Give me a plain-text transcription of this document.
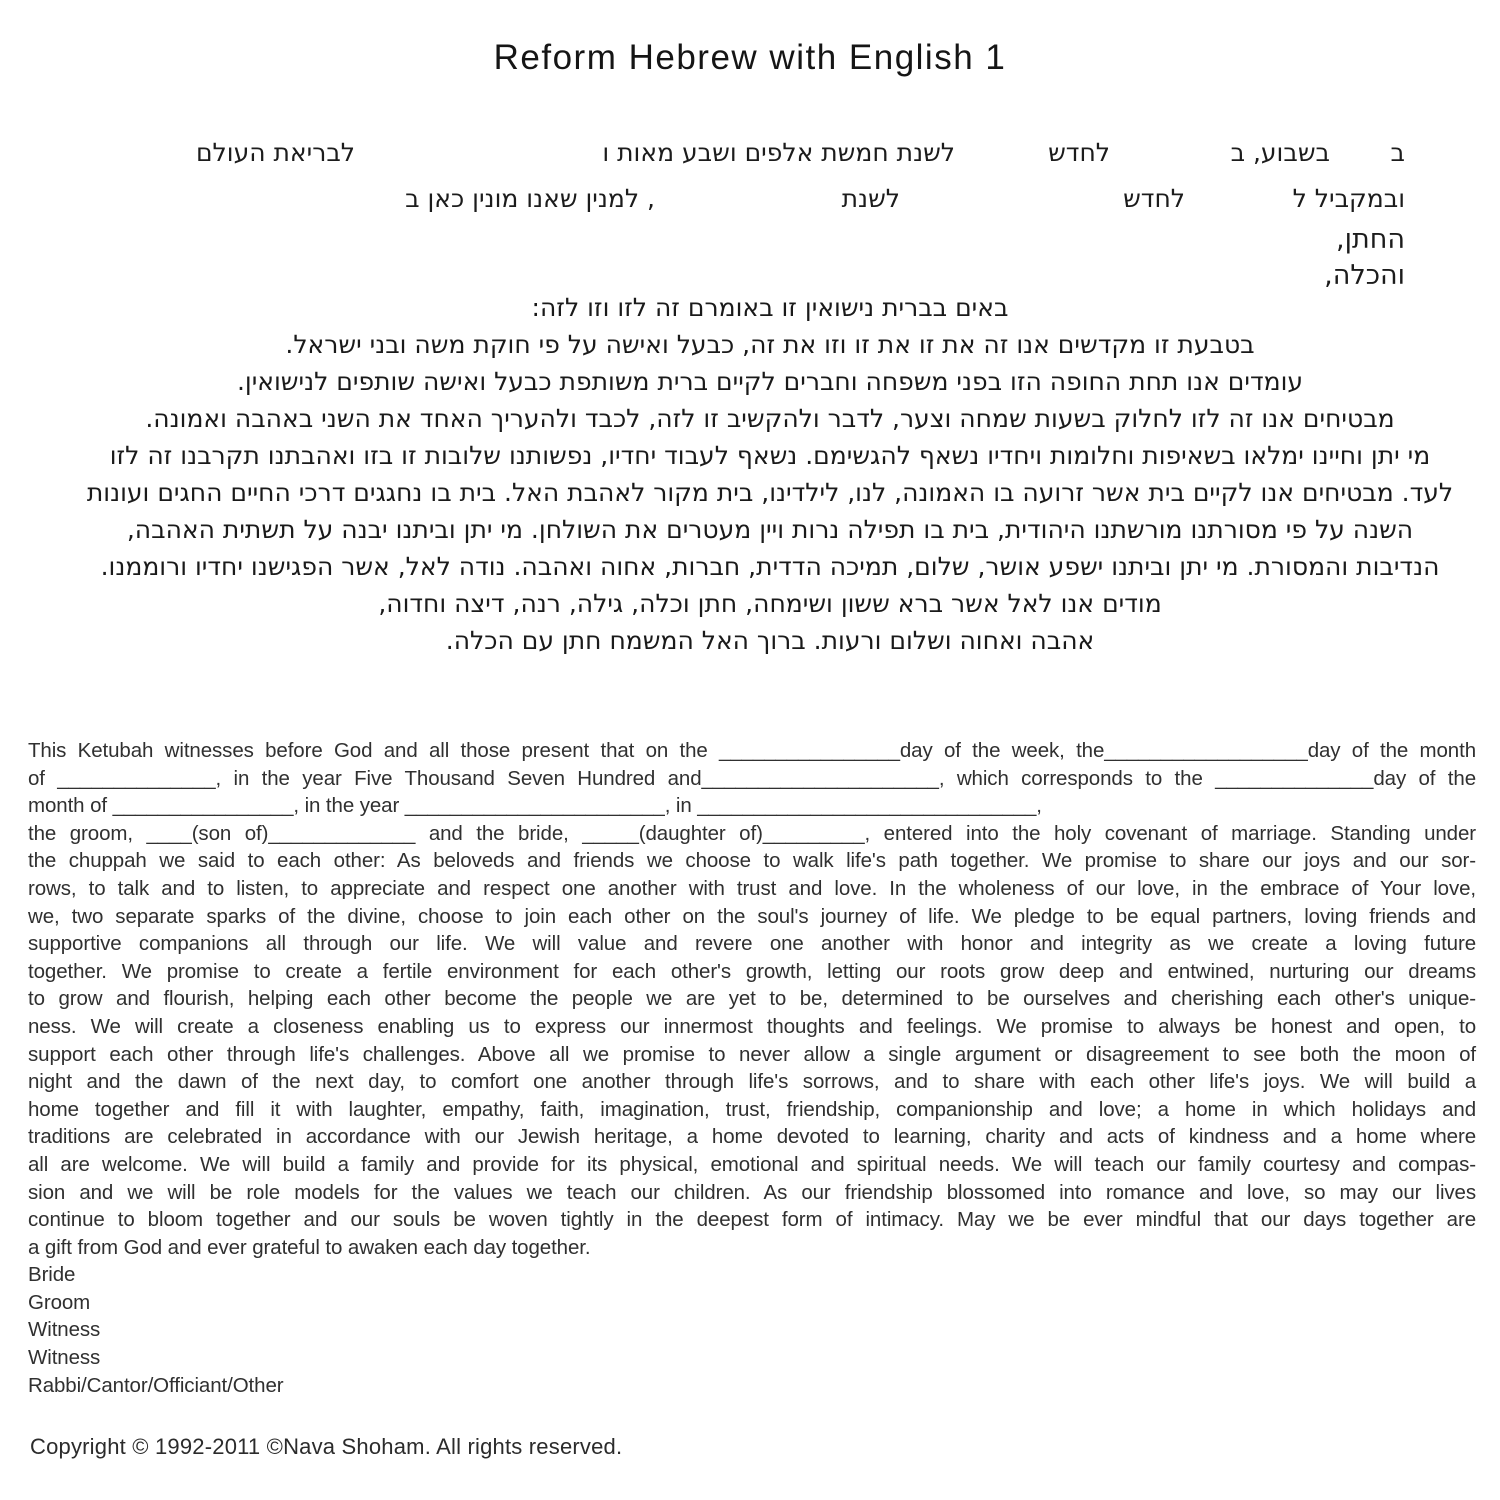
Reform Hebrew with English 1
ב
בשבוע, ב
לחדש
לשנת חמשת אלפים ושבע מאות ו
לבריאת העולם
ובמקביל ל
לחדש
לשנת
, למנין שאנו מונין כאן ב
החתן,
והכלה,
באים בברית נישואין זו באומרם זה לזו וזו לזה:
בטבעת זו מקדשים אנו זה את זו את זו וזו את זה, כבעל ואישה על פי חוקת משה ובני ישראל.
עומדים אנו תחת החופה הזו בפני משפחה וחברים לקיים ברית משותפת כבעל ואישה שותפים לנישואין.
מבטיחים אנו זה לזו לחלוק בשעות שמחה וצער, לדבר ולהקשיב זו לזה, לכבד ולהעריך האחד את השני באהבה ואמונה.
מי יתן וחיינו ימלאו בשאיפות וחלומות ויחדיו נשאף להגשימם. נשאף לעבוד יחדיו, נפשותנו שלובות זו בזו ואהבתנו תקרבנו זה לזו
לעד. מבטיחים אנו לקיים בית אשר זרועה בו האמונה, לנו, לילדינו, בית מקור לאהבת האל. בית בו נחגגים דרכי החיים החגים ועונות
השנה על פי מסורתנו מורשתנו היהודית, בית בו תפילה נרות ויין מעטרים את השולחן. מי יתן וביתנו יבנה על תשתית האהבה,
הנדיבות והמסורת. מי יתן וביתנו ישפע אושר, שלום, תמיכה הדדית, חברות, אחוה ואהבה. נודה לאל, אשר הפגישנו יחדיו ורוממנו.
מודים אנו לאל אשר ברא ששון ושימחה, חתן וכלה, גילה, רנה, דיצה וחדוה,
אהבה ואחוה ושלום ורעות. ברוך האל המשמח חתן עם הכלה.
This Ketubah witnesses before God and all those present that on the ________________day of the week, the__________________day of the month
of ______________, in the year Five Thousand Seven Hundred and_____________________, which corresponds to the ______________day of the
month of ________________, in the year _______________________, in ______________________________,
the groom, ____(son of)_____________ and the bride, _____(daughter of)_________, entered into the holy covenant of marriage. Standing under
the chuppah we said to each other: As beloveds and friends we choose to walk life's path together. We promise to share our joys and our sor-
rows, to talk and to listen, to appreciate and respect one another with trust and love. In the wholeness of our love, in the embrace of Your love,
we, two separate sparks of the divine, choose to join each other on the soul's journey of life. We pledge to be equal partners, loving friends and
supportive companions all through our life. We will value and revere one another with honor and integrity as we create a loving future
together. We promise to create a fertile environment for each other's growth, letting our roots grow deep and entwined, nurturing our dreams
to grow and flourish, helping each other become the people we are yet to be, determined to be ourselves and cherishing each other's unique-
ness. We will create a closeness enabling us to express our innermost thoughts and feelings. We promise to always be honest and open, to
support each other through life's challenges. Above all we promise to never allow a single argument or disagreement to see both the moon of
night and the dawn of the next day, to comfort one another through life's sorrows, and to share with each other life's joys. We will build a
home together and fill it with laughter, empathy, faith, imagination, trust, friendship, companionship and love; a home in which holidays and
traditions are celebrated in accordance with our Jewish heritage, a home devoted to learning, charity and acts of kindness and a home where
all are welcome. We will build a family and provide for its physical, emotional and spiritual needs. We will teach our family courtesy and compas-
sion and we will be role models for the values we teach our children. As our friendship blossomed into romance and love, so may our lives
continue to bloom together and our souls be woven tightly in the deepest form of intimacy. May we be ever mindful that our days together are
a gift from God and ever grateful to awaken each day together.
Bride
Groom
Witness
Witness
Rabbi/Cantor/Officiant/Other
Copyright © 1992-2011 ©Nava Shoham. All rights reserved.
